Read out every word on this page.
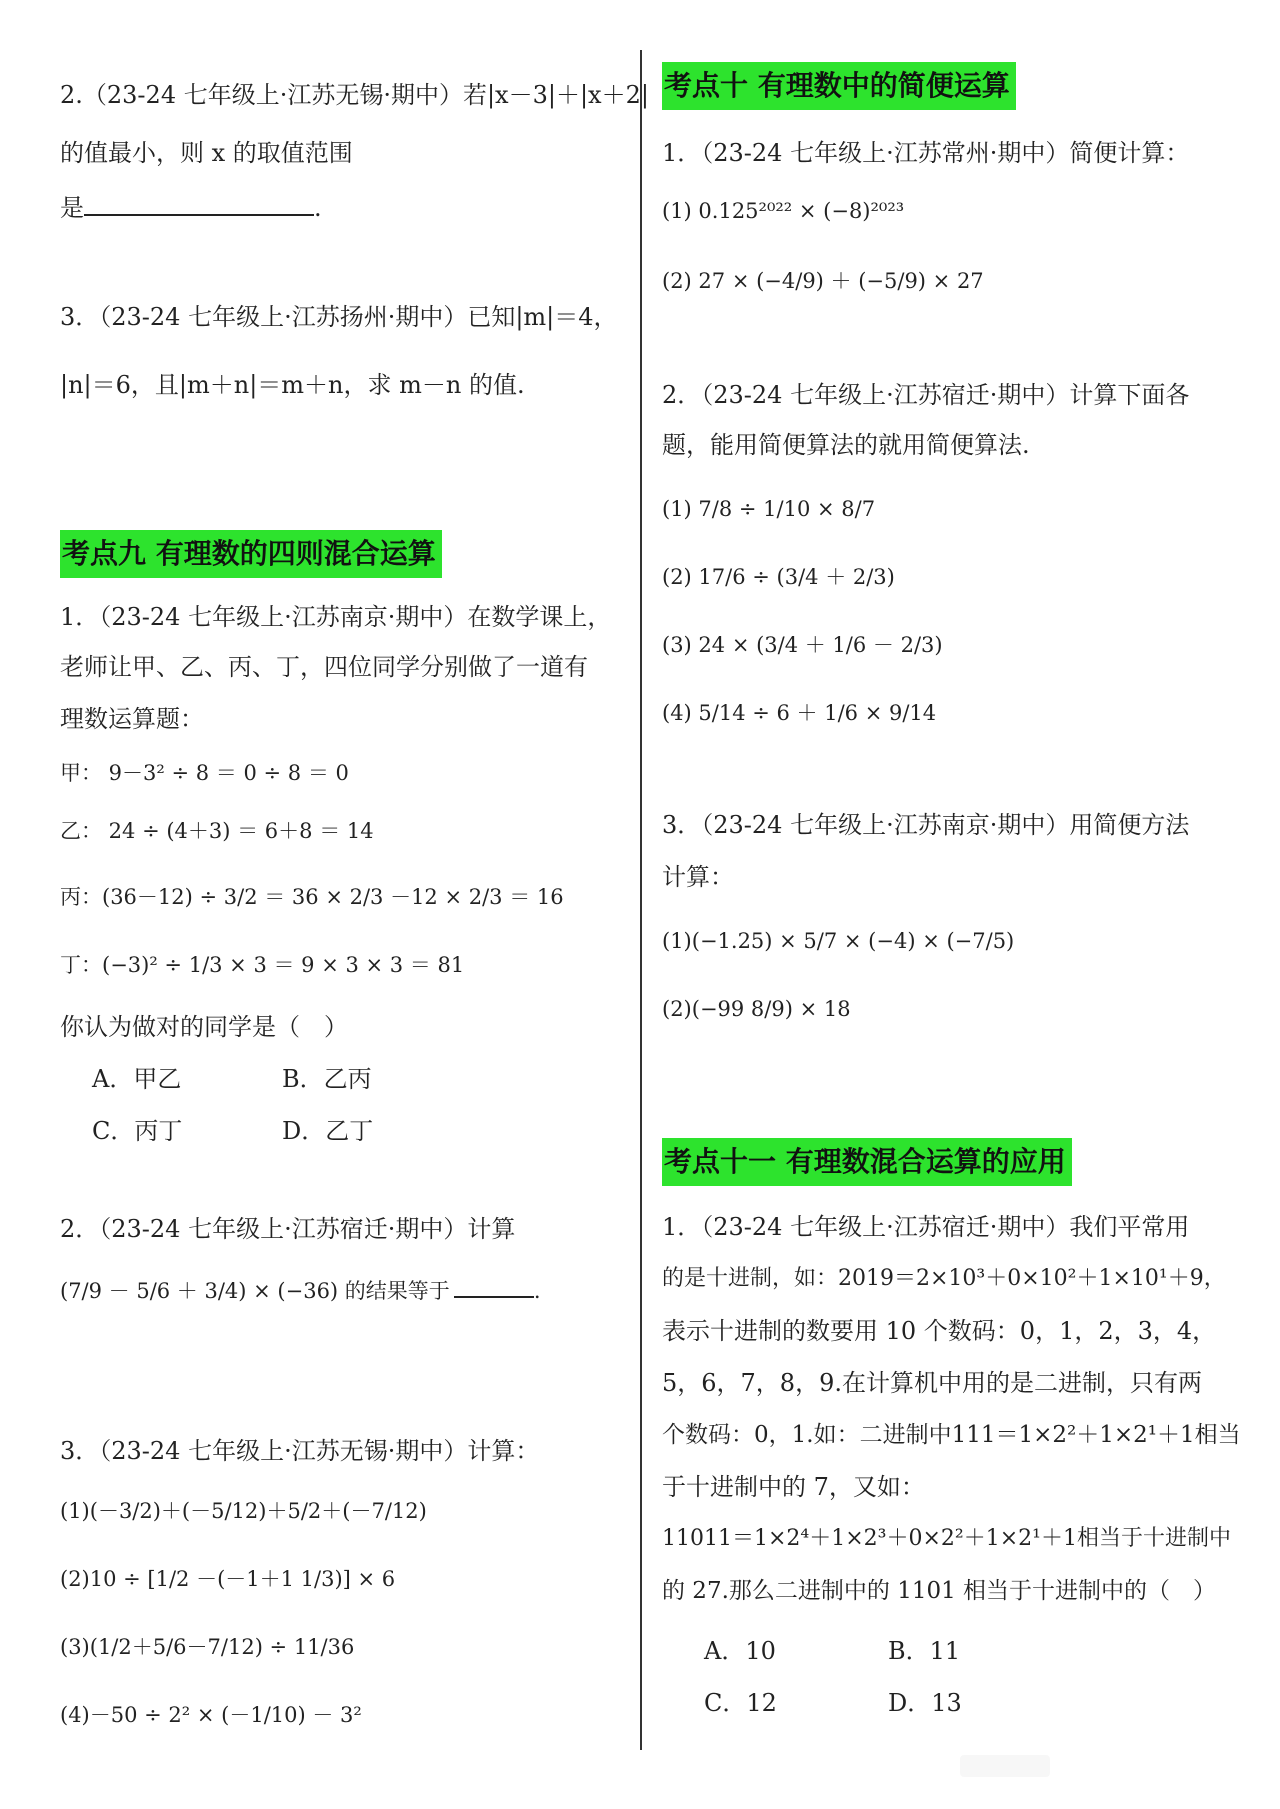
2.（23-24 七年级上·江苏无锡·期中）若|x－3|＋|x＋2|
的值最小，则 x 的取值范围
是	.
3．（23-24 七年级上·江苏扬州·期中）已知|m|＝4，
|n|＝6，且|m＋n|＝m＋n，求 m－n 的值.
考点九 有理数的四则混合运算
1．（23-24 七年级上·江苏南京·期中）在数学课上，
老师让甲、乙、丙、丁，四位同学分别做了一道有
理数运算题：
甲： 9－3² ÷ 8 ＝ 0 ÷ 8 ＝ 0
乙： 24 ÷ (4＋3) ＝ 6＋8 ＝ 14
丙：(36－12) ÷ 3/2 ＝ 36 × 2/3 －12 × 2/3 ＝ 16
丁：(−3)² ÷ 1/3 × 3 ＝ 9 × 3 × 3 ＝ 81
你认为做对的同学是（　）
A．甲乙	B．乙丙
C．丙丁	D．乙丁
2．（23-24 七年级上·江苏宿迁·期中）计算
(7/9 － 5/6 ＋ 3/4) × (−36) 的结果等于	.
3．（23-24 七年级上·江苏无锡·期中）计算：
(1)(－3/2)＋(－5/12)＋5/2＋(－7/12)
(2)10 ÷ [1/2 －(－1＋1 1/3)] × 6
(3)(1/2＋5/6－7/12) ÷ 11/36
(4)－50 ÷ 2² × (－1/10) － 3²
考点十 有理数中的简便运算
1．（23-24 七年级上·江苏常州·期中）简便计算：
(1) 0.125²⁰²² × (−8)²⁰²³
(2) 27 × (−4/9) ＋ (−5/9) × 27
2．（23-24 七年级上·江苏宿迁·期中）计算下面各
题，能用简便算法的就用简便算法.
(1) 7/8 ÷ 1/10 × 8/7
(2) 17/6 ÷ (3/4 ＋ 2/3)
(3) 24 × (3/4 ＋ 1/6 － 2/3)
(4) 5/14 ÷ 6 ＋ 1/6 × 9/14
3．（23-24 七年级上·江苏南京·期中）用简便方法
计算：
(1)(−1.25) × 5/7 × (−4) × (−7/5)
(2)(−99 8/9) × 18
考点十一 有理数混合运算的应用
1．（23-24 七年级上·江苏宿迁·期中）我们平常用
的是十进制，如：2019＝2×10³＋0×10²＋1×10¹＋9，
表示十进制的数要用 10 个数码：0，1，2，3，4，
5，6，7，8，9.在计算机中用的是二进制，只有两
个数码：0，1.如：二进制中111＝1×2²＋1×2¹＋1相当
于十进制中的 7，又如：
11011＝1×2⁴＋1×2³＋0×2²＋1×2¹＋1相当于十进制中
的 27.那么二进制中的 1101 相当于十进制中的（　）
A．10	B．11
C．12	D．13
